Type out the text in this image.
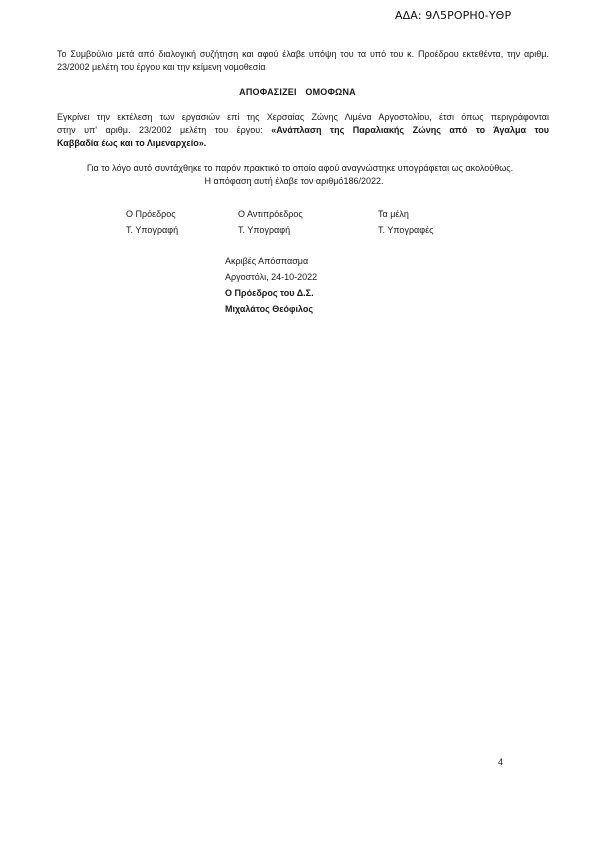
ΑΔΑ: 9Λ5ΡΟΡΗ0-ΥΘΡ
Το Συμβούλιο μετά από διαλογική συζήτηση και αφού έλαβε υπόψη του τα υπό του κ. Προέδρου εκτεθέντα, την αριθμ. 23/2002 μελέτη του έργου και την κείμενη νομοθεσία
ΑΠΟΦΑΣΙΖΕΙ ΟΜΟΦΩΝΑ
Εγκρίνει την εκτέλεση των εργασιών επί της Χερσαίας Ζώνης Λιμένα Αργοστολίου, έτσι όπως περιγράφονται
στην υπ' αριθμ. 23/2002 μελέτη του έργου: «Ανάπλαση της Παραλιακής Ζώνης από το Άγαλμα του
Καββαδία έως και το Λιμεναρχείο».
Για το λόγο αυτό συντάχθηκε το παρόν πρακτικό το οποίο αφού αναγνώστηκε υπογράφεται ως ακολούθως.
Η απόφαση αυτή έλαβε τον αριθμό186/2022.
Ο Πρόεδρος
Τ. Υπογραφή
Ο Αντιπρόεδρος
Τ. Υπογραφή
Τα μέλη
Τ. Υπογραφές
Ακριβές Απόσπασμα
Αργοστόλι, 24-10-2022
Ο Πρόεδρος του Δ.Σ.
Μιχαλάτος Θεόφιλος
4
